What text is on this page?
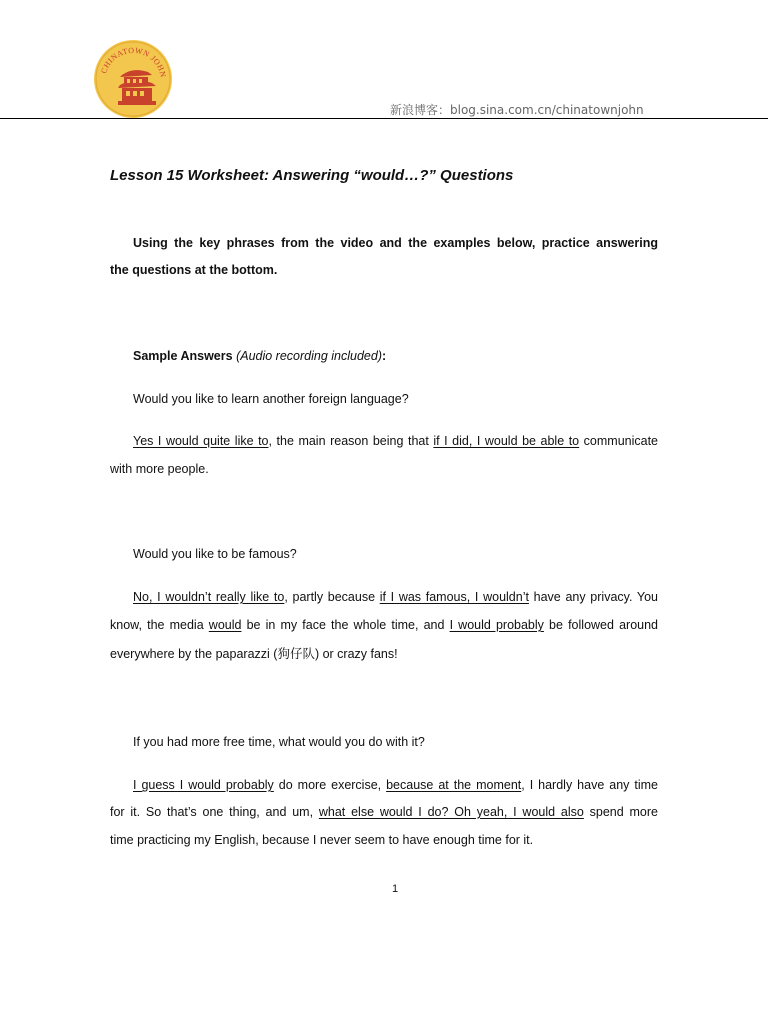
CHINATOWN JOHN
新浪博客：blog.sina.com.cn/chinatownjohn
Lesson 15 Worksheet: Answering “would…?” Questions
Using the key phrases from the video and the examples below, practice answering
the questions at the bottom.
Sample Answers (Audio recording included):
Would you like to learn another foreign language?
Yes I would quite like to, the main reason being that if I did, I would be able to communicate
with more people.
Would you like to be famous?
No, I wouldn’t really like to, partly because if I was famous, I wouldn’t have any privacy. You
know, the media would be in my face the whole time, and I would probably be followed around
everywhere by the paparazzi (狗仔队) or crazy fans!
If you had more free time, what would you do with it?
I guess I would probably do more exercise, because at the moment, I hardly have any time
for it. So that’s one thing, and um, what else would I do? Oh yeah, I would also spend more
time practicing my English, because I never seem to have enough time for it.
1
